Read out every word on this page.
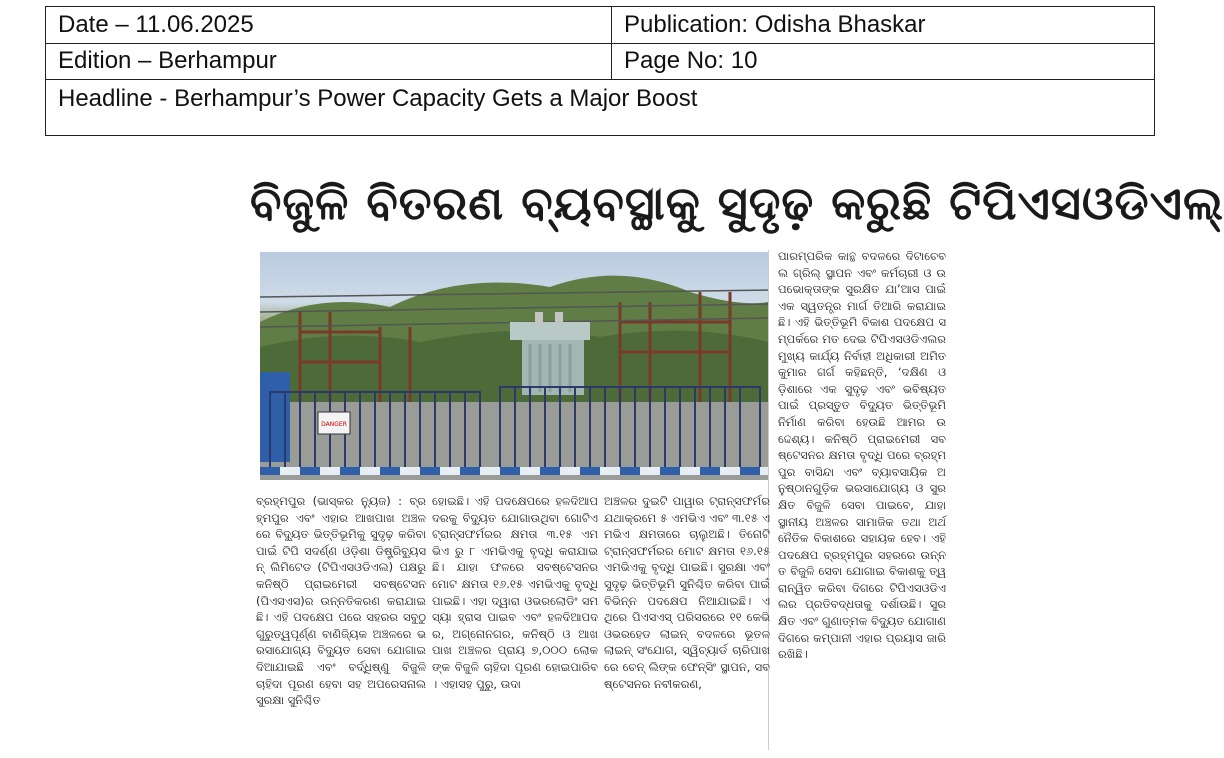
Date – 11.06.2025	Publication: Odisha Bhaskar
Edition – Berhampur	Page No: 10
Headline - Berhampur’s Power Capacity Gets a Major Boost
ବିଜୁଳି ବିତରଣ ବ୍ୟବସ୍ଥାକୁ ସୁଦୃଢ଼ କରୁଛି ଟିପିଏସଓଡିଏଲ୍
DANGER

ପାରମ୍ପରିକ କାନ୍ଥ ବଦଳରେ ଦିଟାଚେବଲ ଗ୍ରିଲ୍ ସ୍ଥାପନ ଏବଂ କର୍ମଚାରୀ ଓ ଉପଭୋକ୍ତାଙ୍କ ସୁରକ୍ଷିତ ଯା’ଆସ ପାଇଁ ଏକ ସ୍ୱତନ୍ତ୍ର ମାର୍ଗ ତିଆରି କରାଯାଇଛି। ଏହି ଭିତ୍ତିଭୂମି ବିକାଶ ପଦକ୍ଷେପ ସମ୍ପର୍କରେ ମତ ଦେଇ ଟିପିଏସଓଡିଏଲର ମୁଖ୍ୟ କାର୍ଯ୍ୟ ନିର୍ବାହୀ ଅଧିକାରୀ ଅମିତ କୁମାର ଗର୍ଗ କହିଛନ୍ତି, ‘ଦକ୍ଷିଣ ଓଡ଼ିଶାରେ ଏକ ସୁଦୃଢ଼ ଏବଂ ଭବିଷ୍ୟତ ପାଇଁ ପ୍ରସ୍ତୁତ ବିଦ୍ୟୁତ ଭିତ୍ତିଭୂମି ନିର୍ମାଣ କରିବା ହେଉଛି ଆମର ଉଦ୍ଦେଶ୍ୟ। କନିଷ୍ଠି ପ୍ରାଇମେରୀ ସବଷ୍ଟେସନର କ୍ଷମତା ବୃଦ୍ଧି ପରେ ବ୍ରହ୍ମପୁର ବାସିନ୍ଦା ଏବଂ ବ୍ୟାବସାୟିକ ଅନୁଷ୍ଠାନଗୁଡ଼ିକ ଭରସାଯୋଗ୍ୟ ଓ ସୁରକ୍ଷିତ ବିଜୁଳି ସେବା ପାଇବେ, ଯାହା ସ୍ଥାନୀୟ ଅଞ୍ଚଳର ସାମାଜିକ ତଥା ଅର୍ଥନୈତିକ ବିକାଶରେ ସହାୟକ ହେବ। ଏହି ପଦକ୍ଷେପ ବ୍ରହ୍ମପୁର ସହରରେ ଉନ୍ନତ ବିଜୁଳି ସେବା ଯୋଗାଇ ବିକାଶକୁ ତ୍ୱରାନ୍ୱିତ କରିବା ଦିଗରେ ଟିପିଏସଓଡିଏଲର ପ୍ରତିବଦ୍ଧତାକୁ ଦର୍ଶାଉଛି। ସୁରକ୍ଷିତ ଏବଂ ଗୁଣାତ୍ମକ ବିଦ୍ୟୁତ ଯୋଗାଣ ଦିଗରେ କମ୍ପାନୀ ଏହାର ପ୍ରୟାସ ଜାରି ରଖିଛି।

ବ୍ରହ୍ମପୁର (ଭାସ୍କର ନ୍ୟୁଜ) : ବ୍ରହ୍ମପୁର ଏବଂ ଏହାର ଆଖପାଖ ଅଞ୍ଚଳରେ ବିଦ୍ୟୁତ ଭିତ୍ତିଭୂମିକୁ ସୁଦୃଢ଼ କରିବା ପାଇଁ ଟିପି ସଦର୍ଣ୍ଣ ଓଡ଼ିଶା ଡିଷ୍ଟ୍ରିବ୍ୟୁସନ୍ ଲିମିଟେଡ (ଟିପିଏସଓଡିଏଲ) ପକ୍ଷରୁ କନିଷ୍ଠି ପ୍ରାଇମେରୀ ସବଷ୍ଟେସନ (ପିଏସଏସ)ର ଉନ୍ନତିକରଣ କରାଯାଇଛି। ଏହି ପଦକ୍ଷେପ ପରେ ସହରର ସବୁଠୁ ଗୁରୁତ୍ୱପୂର୍ଣ୍ଣ ବାଣିଜ୍ୟିକ ଅଞ୍ଚଳରେ ଭରସାଯୋଗ୍ୟ ବିଦ୍ୟୁତ ସେବା ଯୋଗାଇ ଦିଆଯାଇଛି ଏବଂ ବର୍ଦ୍ଧିଷ୍ଣୁ ବିଜୁଳି ଚାହିଦା ପୂରଣ ହେବା ସହ ଅପରେସନାଲ ସୁରକ୍ଷା ସୁନିଶ୍ଚିତ

ହୋଇଛି। ଏହି ପଦକ୍ଷେପରେ ହଳଦିଆପଦରକୁ ବିଦ୍ୟୁତ ଯୋଗାଉଥିବା ଗୋଟିଏ ଟ୍ରାନ୍ସଫର୍ମରର କ୍ଷମତା ୩.୧୫ ଏମଭିଏ ରୁ ୮ ଏମଭିଏକୁ ବୃଦ୍ଧି କରାଯାଇଛି। ଯାହା ଫଳରେ ସବଷ୍ଟେସନର ମୋଟ କ୍ଷମତା ୧୬.୧୫ ଏମଭିଏକୁ ବୃଦ୍ଧି ପାଇଛି। ଏହା ଦ୍ୱାରା ଓଭରଲୋଡିଂ ସମସ୍ୟା ହ୍ରାସ ପାଇବ ଏବଂ ହଳଦିଆପଦର, ଅଗ୍ନୋନଗର, କନିଷ୍ଠି ଓ ଆଖପାଖ ଅଞ୍ଚଳର ପ୍ରାୟ ୭,୦୦୦ ଲୋକଙ୍କ ବିଜୁଳି ଚାହିଦା ପୂରଣ ହୋଇପାରିବ। ଏହାସହ ପୁରୁ, ଉଦା

ଅଞ୍ଚଳର ଦୁଇଟି ପାୱାର ଟ୍ରାନ୍ସଫର୍ମର ଯଥାକ୍ରମେ ୫ ଏମଭିଏ ଏବଂ ୩.୧୫ ଏମଭିଏ କ୍ଷମତାରେ ଚାଲୁଅଛି। ତିନୋଟି ଟ୍ରାନ୍ସଫର୍ମରର ମୋଟ କ୍ଷମତା ୧୬.୧୫ ଏମଭିଏକୁ ବୃଦ୍ଧି ପାଇଛି। ସୁରକ୍ଷା ଏବଂ ସୁଦୃଢ଼ ଭିତ୍ତିଭୂମି ସୁନିଶ୍ଚିତ କରିବା ପାଇଁ ବିଭିନ୍ନ ପଦକ୍ଷେପ ନିଆଯାଇଛି। ଏଥିରେ ପିଏସଏସ୍ ପରିସରରେ ୧୧ କେଭି ଓଭରହେଡ ଲାଇନ୍ ବଦଳରେ ଭୂତଳ ଲାଇନ୍ ସଂଯୋଗ, ସ୍ୱିଚ୍ୟାର୍ଡ ଚାରିପାଖରେ ଚେନ୍ ଲିଙ୍କ ଫେନ୍ସିଂ ସ୍ଥାପନ, ସବଷ୍ଟେସନର ନବୀକରଣ,
